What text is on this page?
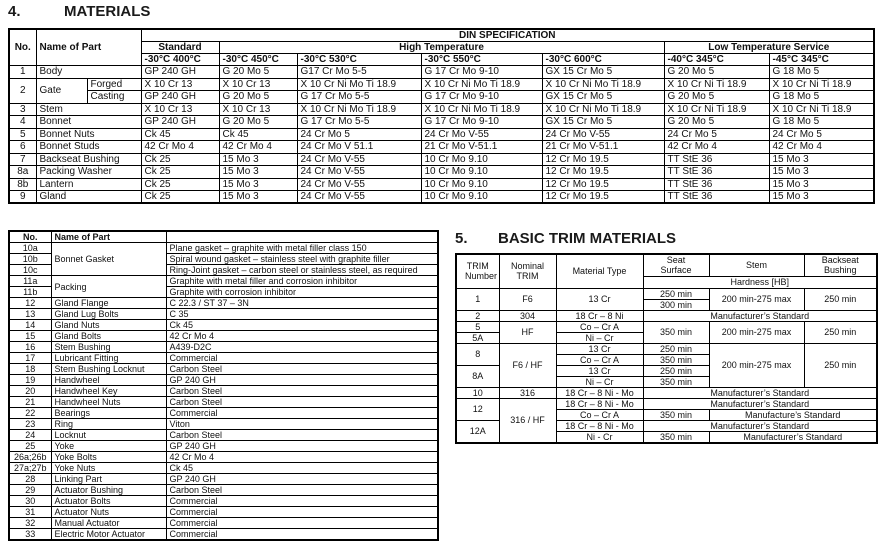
4.	MATERIALS
No.	Name of Part		DIN SPECIFICATION						
			Standard	High Temperature				Low Temperature Service	
			-30°C 400°C	-30°C 450°C	-30°C 530°C	-30°C 550°C	-30°C 600°C	-40°C 345°C	-45°C 345°C
1	Body		GP 240 GH	G 20 Mo 5	G17 Cr Mo 5-5	G 17 Cr Mo 9-10	GX 15 Cr Mo 5	G 20 Mo 5	G 18 Mo 5
2	Gate	Forged	X 10 Cr 13	X 10 Cr 13	X 10 Cr Ni Mo Ti 18.9	X 10 Cr Ni Mo Ti 18.9	X 10 Cr Ni Mo Ti 18.9	X 10 Cr Ni Ti 18.9	X 10 Cr Ni Ti 18.9
		Casting	GP 240 GH	G 20 Mo 5	G 17 Cr Mo 5-5	G 17 Cr Mo 9-10	GX 15 Cr Mo 5	G 20 Mo 5	G 18 Mo 5
3	Stem		X 10 Cr 13	X 10 Cr 13	X 10 Cr Ni Mo Ti 18.9	X 10 Cr Ni Mo Ti 18.9	X 10 Cr Ni Mo Ti 18.9	X 10 Cr Ni Ti 18.9	X 10 Cr Ni Ti 18.9
4	Bonnet		GP 240 GH	G 20 Mo 5	G 17 Cr Mo 5-5	G 17 Cr Mo 9-10	GX 15 Cr Mo 5	G 20 Mo 5	G 18 Mo 5
5	Bonnet Nuts		Ck 45	Ck 45	24 Cr Mo 5	24 Cr Mo V-55	24 Cr Mo V-55	24 Cr Mo 5	24 Cr Mo 5
6	Bonnet Studs		42 Cr Mo 4	42 Cr Mo 4	24 Cr Mo V 51.1	21 Cr Mo V-51.1	21 Cr Mo V-51.1	42 Cr Mo 4	42 Cr Mo 4
7	Backseat Bushing		Ck 25	15 Mo 3	24 Cr Mo V-55	10 Cr Mo 9.10	12 Cr Mo 19.5	TT StE 36	15 Mo 3
8a	Packing Washer		Ck 25	15 Mo 3	24 Cr Mo V-55	10 Cr Mo 9.10	12 Cr Mo 19.5	TT StE 36	15 Mo 3
8b	Lantern		Ck 25	15 Mo 3	24 Cr Mo V-55	10 Cr Mo 9.10	12 Cr Mo 19.5	TT StE 36	15 Mo 3
9	Gland		Ck 25	15 Mo 3	24 Cr Mo V-55	10 Cr Mo 9.10	12 Cr Mo 19.5	TT StE 36	15 Mo 3
No.	Name of Part	
10a	Bonnet Gasket	Plane gasket – graphite with metal filler class 150
10b		Spiral wound gasket – stainless steel with graphite filler
10c		Ring-Joint gasket – carbon steel or stainless steel, as required
11a	Packing	Graphite with metal filler and corrosion inhibitor
11b		Graphite with corrosion inhibitor
12	Gland Flange	C 22.3 / ST 37 – 3N
13	Gland Lug Bolts	C 35
14	Gland Nuts	Ck 45
15	Gland Bolts	42 Cr Mo 4
16	Stem Bushing	A439-D2C
17	Lubricant Fitting	Commercial
18	Stem Bushing Locknut	Carbon Steel
19	Handwheel	GP 240 GH
20	Handwheel Key	Carbon Steel
21	Handwheel Nuts	Carbon Steel
22	Bearings	Commercial
23	Ring	Viton
24	Locknut	Carbon Steel
25	Yoke	GP 240 GH
26a;26b	Yoke Bolts	42 Cr Mo 4
27a;27b	Yoke Nuts	Ck 45
28	Linking Part	GP 240 GH
29	Actuator Bushing	Carbon Steel
30	Actuator Bolts	Commercial
31	Actuator Nuts	Commercial
32	Manual Actuator	Commercial
33	Electric Motor Actuator	Commercial
5.	BASIC TRIM MATERIALS
TRIM Number	Nominal TRIM	Material Type	Seat Surface	Stem	Backseat Bushing
			Hardness [HB]		
1	F6	13 Cr	250 min	200 min-275 max	250 min
			300 min		
2	304	18 Cr – 8 Ni	Manufacturer’s Standard		
5	HF	Co – Cr A	350 min	200 min-275 max	250 min
5A		Ni – Cr			
8	F6 / HF	13 Cr	250 min	200 min-275 max	250 min
		Co – Cr A	350 min		
8A		13 Cr	250 min		
		Ni – Cr	350 min		
10	316	18 Cr – 8 Ni - Mo	Manufacturer’s Standard		
12	316 / HF	18 Cr – 8 Ni - Mo	Manufacturer’s Standard		
		Co – Cr A	350 min	Manufacture’s Standard	
12A		18 Cr – 8 Ni - Mo	Manufacturer’s Standard		
		Ni - Cr	350 min	Manufacturer’s Standard	
